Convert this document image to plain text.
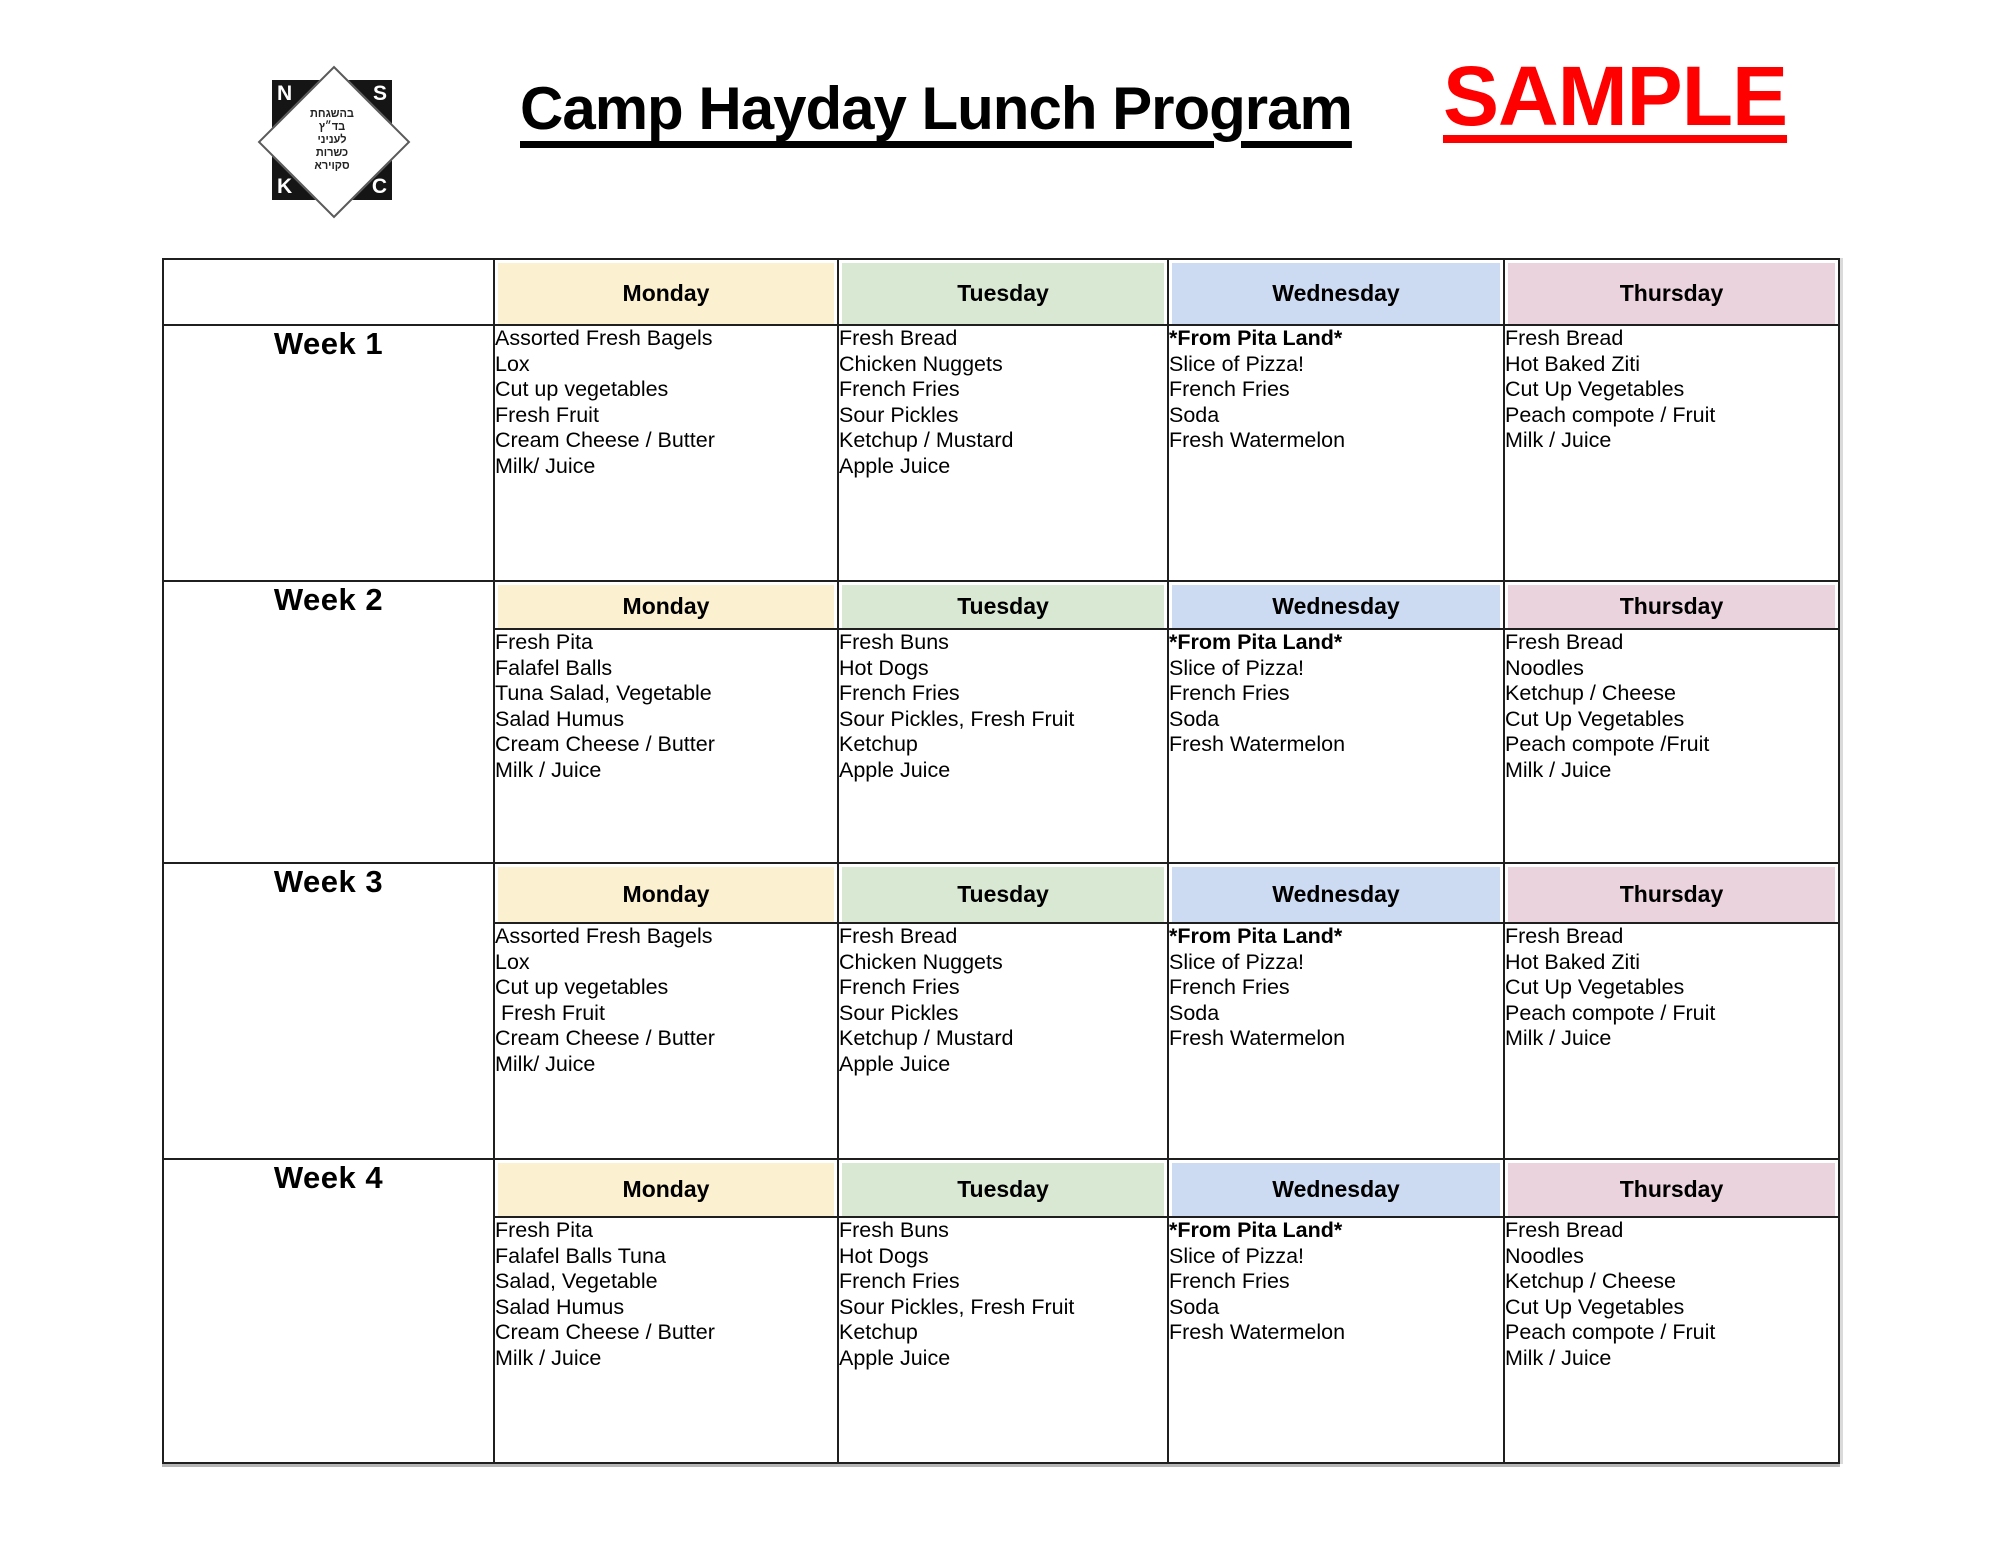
N	S
K	C
בהשגחת
בד״ץ
לעניני
כשרות
סקוירא
Camp Hayday Lunch Program SAMPLE

	Monday	Tuesday	Wednesday	Thursday

Week 1	Assorted Fresh Bagels
Lox
Cut up vegetables
Fresh Fruit
Cream Cheese / Butter
Milk/ Juice

Fresh Bread
Chicken Nuggets
French Fries
Sour Pickles
Ketchup / Mustard
Apple Juice

*From Pita Land*
Slice of Pizza!
French Fries
Soda
Fresh Watermelon

Fresh Bread
Hot Baked Ziti
Cut Up Vegetables
Peach compote / Fruit
Milk / Juice

Week 2	Monday	Tuesday	Wednesday	Thursday

Fresh Pita
Falafel Balls
Tuna Salad, Vegetable
Salad Humus
Cream Cheese / Butter
Milk / Juice

Fresh Buns
Hot Dogs
French Fries
Sour Pickles, Fresh Fruit
Ketchup
Apple Juice

*From Pita Land*
Slice of Pizza!
French Fries
Soda
Fresh Watermelon

Fresh Bread
Noodles
Ketchup / Cheese
Cut Up Vegetables
Peach compote /Fruit
Milk / Juice

Week 3	Monday	Tuesday	Wednesday	Thursday

Assorted Fresh Bagels
Lox
Cut up vegetables
Fresh Fruit
Cream Cheese / Butter
Milk/ Juice

Fresh Bread
Chicken Nuggets
French Fries
Sour Pickles
Ketchup / Mustard
Apple Juice

*From Pita Land*
Slice of Pizza!
French Fries
Soda
Fresh Watermelon

Fresh Bread
Hot Baked Ziti
Cut Up Vegetables
Peach compote / Fruit
Milk / Juice

Week 4	Monday	Tuesday	Wednesday	Thursday

Fresh Pita
Falafel Balls Tuna
Salad, Vegetable
Salad Humus
Cream Cheese / Butter
Milk / Juice

Fresh Buns
Hot Dogs
French Fries
Sour Pickles, Fresh Fruit
Ketchup
Apple Juice

*From Pita Land*
Slice of Pizza!
French Fries
Soda
Fresh Watermelon

Fresh Bread
Noodles
Ketchup / Cheese
Cut Up Vegetables
Peach compote / Fruit
Milk / Juice
